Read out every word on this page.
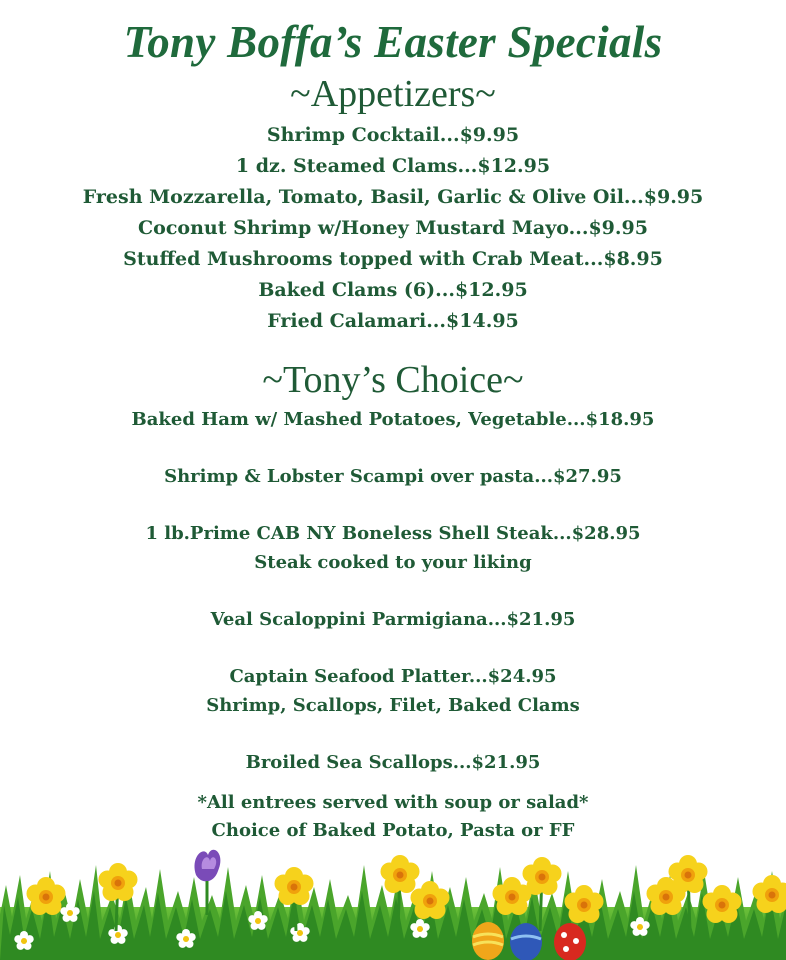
Tony Boffa’s Easter Specials
~Appetizers~
Shrimp Cocktail...$9.95
1 dz. Steamed Clams...$12.95
Fresh Mozzarella, Tomato, Basil, Garlic & Olive Oil...$9.95
Coconut Shrimp w/Honey Mustard Mayo...$9.95
Stuffed Mushrooms topped with Crab Meat...$8.95
Baked Clams (6)...$12.95
Fried Calamari...$14.95
~Tony’s Choice~
Baked Ham w/ Mashed Potatoes, Vegetable...$18.95
Shrimp & Lobster Scampi over pasta...$27.95
1 lb.Prime CAB NY Boneless Shell Steak...$28.95
Steak cooked to your liking
Veal Scaloppini Parmigiana...$21.95
Captain Seafood Platter...$24.95
Shrimp, Scallops, Filet, Baked Clams
Broiled Sea Scallops...$21.95
*All entrees served with soup or salad*
Choice of Baked Potato, Pasta or FF
